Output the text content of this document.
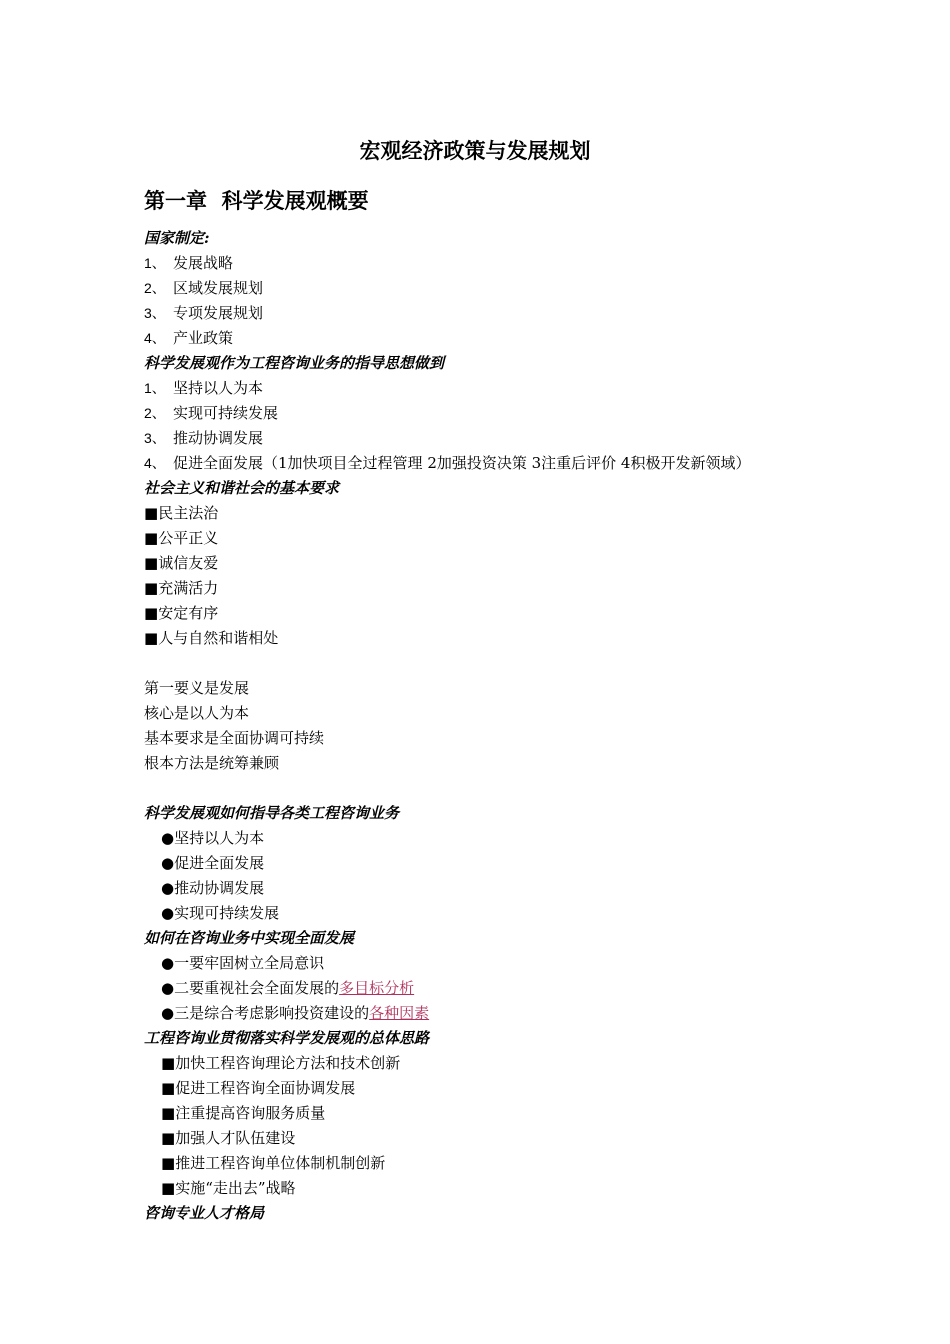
宏观经济政策与发展规划
第一章  科学发展观概要
国家制定:
1、 发展战略
2、 区域发展规划
3、 专项发展规划
4、 产业政策
科学发展观作为工程咨询业务的指导思想做到
1、 坚持以人为本
2、 实现可持续发展
3、 推动协调发展
4、 促进全面发展（1加快项目全过程管理 2加强投资决策 3注重后评价 4积极开发新领域）
社会主义和谐社会的基本要求
■民主法治
■公平正义
■诚信友爱
■充满活力
■安定有序
■人与自然和谐相处
第一要义是发展
核心是以人为本
基本要求是全面协调可持续
根本方法是统筹兼顾
科学发展观如何指导各类工程咨询业务
●坚持以人为本
●促进全面发展
●推动协调发展
●实现可持续发展
如何在咨询业务中实现全面发展
●一要牢固树立全局意识
●二要重视社会全面发展的多目标分析
●三是综合考虑影响投资建设的各种因素
工程咨询业贯彻落实科学发展观的总体思路
■加快工程咨询理论方法和技术创新
■促进工程咨询全面协调发展
■注重提高咨询服务质量
■加强人才队伍建设
■推进工程咨询单位体制机制创新
■实施“走出去”战略
咨询专业人才格局
